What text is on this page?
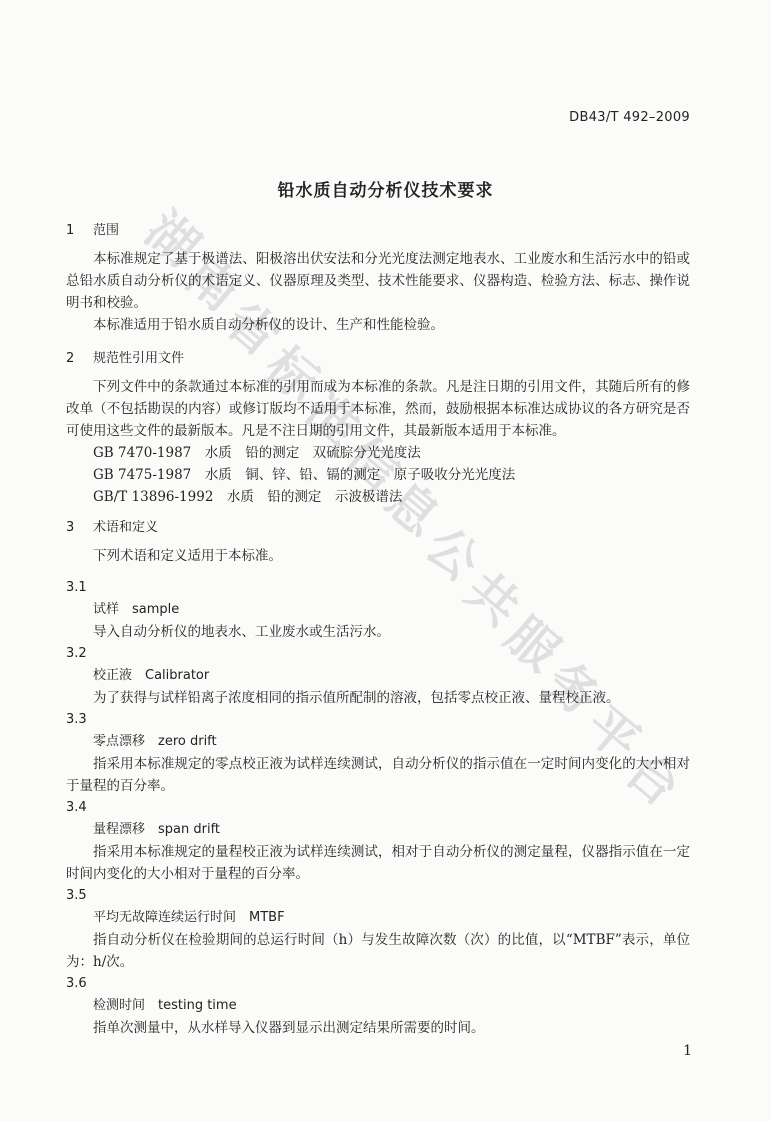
湖
南
省
标
准
信
息
公
共
服
务
平
台
DB43/T 492–2009
铅水质自动分析仪技术要求
1 范围
本标准规定了基于极谱法、阳极溶出伏安法和分光光度法测定地表水、工业废水和生活污水中的铅或总铅水质自动分析仪的术语定义、仪器原理及类型、技术性能要求、仪器构造、检验方法、标志、操作说明书和校验。
本标准适用于铅水质自动分析仪的设计、生产和性能检验。
2 规范性引用文件
下列文件中的条款通过本标准的引用而成为本标准的条款。凡是注日期的引用文件，其随后所有的修改单（不包括勘误的内容）或修订版均不适用于本标准，然而，鼓励根据本标准达成协议的各方研究是否可使用这些文件的最新版本。凡是不注日期的引用文件，其最新版本适用于本标准。
GB 7470-1987　水质　铅的测定　双硫腙分光光度法
GB 7475-1987　水质　铜、锌、铅、镉的测定　原子吸收分光光度法
GB/T 13896-1992　水质　铅的测定　示波极谱法
3 术语和定义
下列术语和定义适用于本标准。
3.1
试样　sample
导入自动分析仪的地表水、工业废水或生活污水。
3.2
校正液　Calibrator
为了获得与试样铅离子浓度相同的指示值所配制的溶液，包括零点校正液、量程校正液。
3.3
零点漂移　zero drift
指采用本标准规定的零点校正液为试样连续测试，自动分析仪的指示值在一定时间内变化的大小相对于量程的百分率。
3.4
量程漂移　span drift
指采用本标准规定的量程校正液为试样连续测试，相对于自动分析仪的测定量程，仪器指示值在一定时间内变化的大小相对于量程的百分率。
3.5
平均无故障连续运行时间　MTBF
指自动分析仪在检验期间的总运行时间（h）与发生故障次数（次）的比值，以“MTBF”表示，单位为：h/次。
3.6
检测时间　testing time
指单次测量中，从水样导入仪器到显示出测定结果所需要的时间。
1
